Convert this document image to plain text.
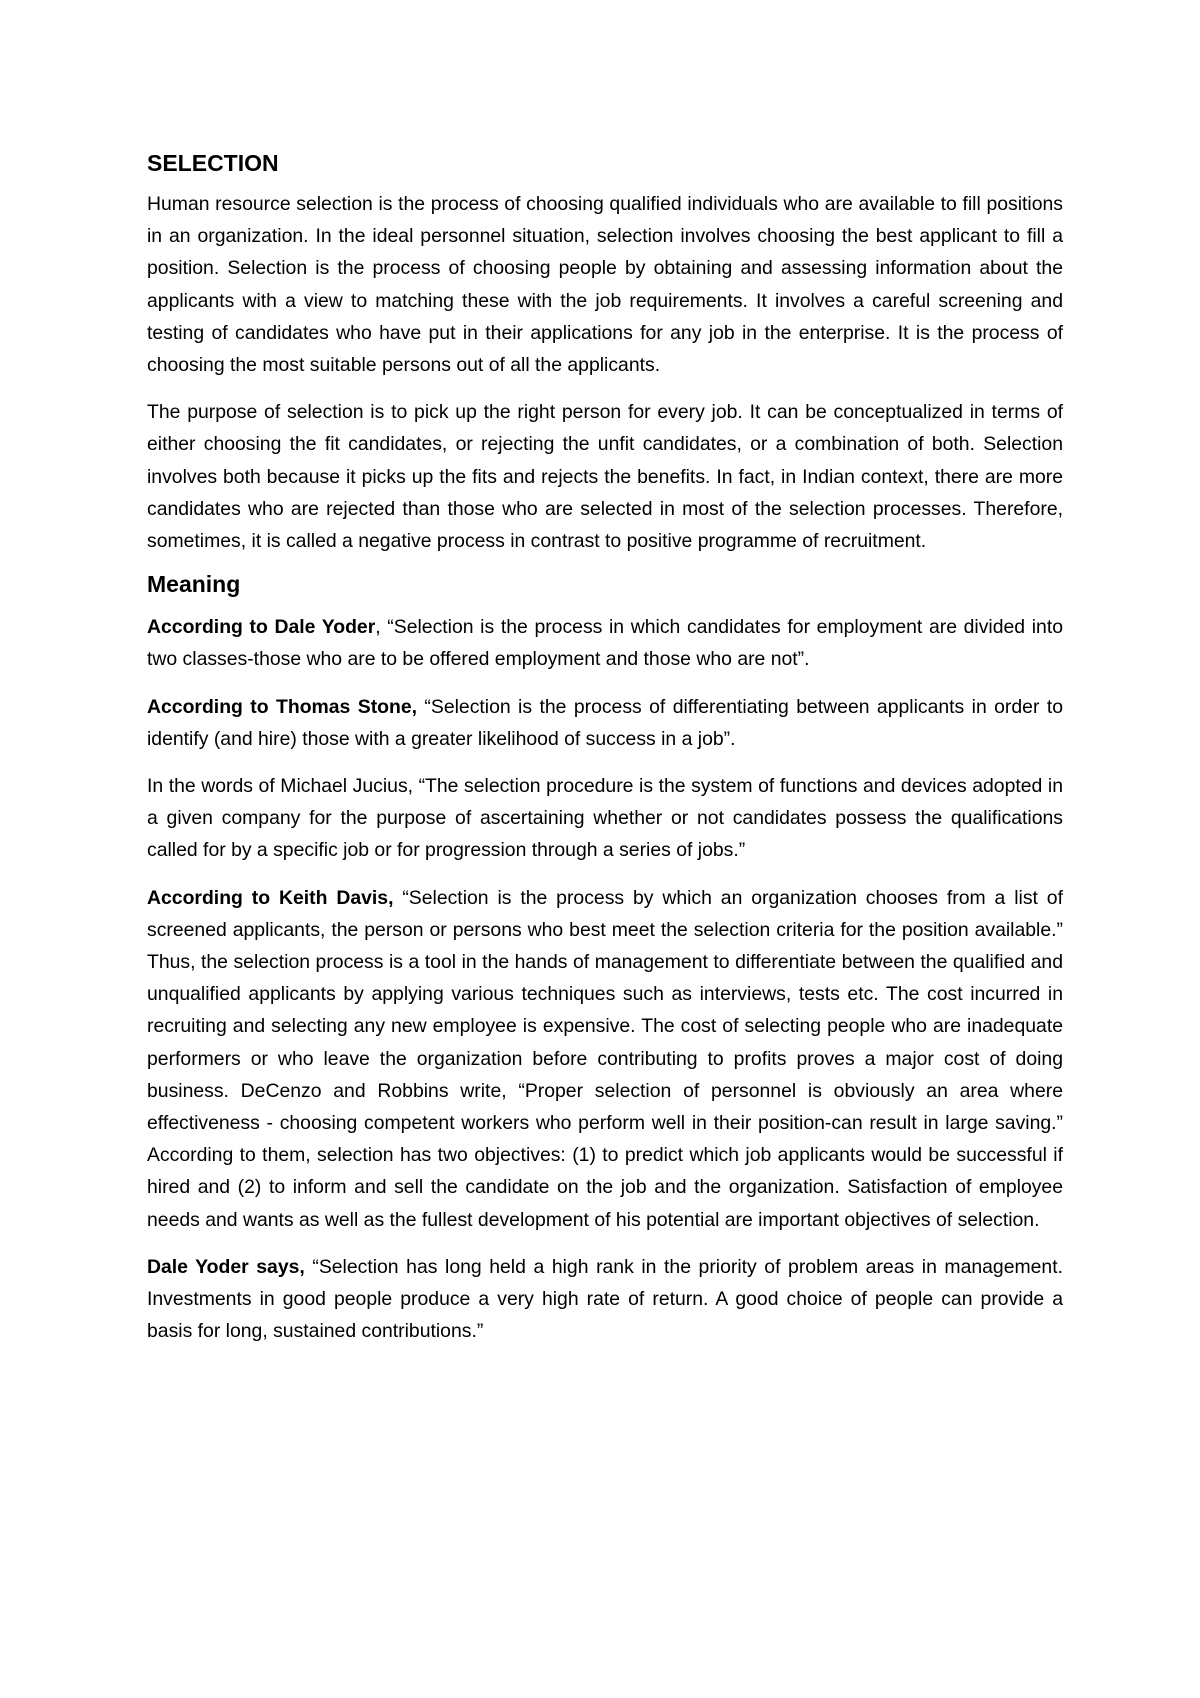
SELECTION

Human resource selection is the process of choosing qualified individuals who are available to fill positions in an organization. In the ideal personnel situation, selection involves choosing the best applicant to fill a position. Selection is the process of choosing people by obtaining and assessing information about the applicants with a view to matching these with the job requirements. It involves a careful screening and testing of candidates who have put in their applications for any job in the enterprise. It is the process of choosing the most suitable persons out of all the applicants.

The purpose of selection is to pick up the right person for every job. It can be conceptualized in terms of either choosing the fit candidates, or rejecting the unfit candidates, or a combination of both. Selection involves both because it picks up the fits and rejects the benefits. In fact, in Indian context, there are more candidates who are rejected than those who are selected in most of the selection processes. Therefore, sometimes, it is called a negative process in contrast to positive programme of recruitment.

Meaning

According to Dale Yoder, “Selection is the process in which candidates for employment are divided into two classes-those who are to be offered employment and those who are not”.

According to Thomas Stone, “Selection is the process of differentiating between applicants in order to identify (and hire) those with a greater likelihood of success in a job”.

In the words of Michael Jucius, “The selection procedure is the system of functions and devices adopted in a given company for the purpose of ascertaining whether or not candidates possess the qualifications called for by a specific job or for progression through a series of jobs.”

According to Keith Davis, “Selection is the process by which an organization chooses from a list of screened applicants, the person or persons who best meet the selection criteria for the position available.” Thus, the selection process is a tool in the hands of management to differentiate between the qualified and unqualified applicants by applying various techniques such as interviews, tests etc. The cost incurred in recruiting and selecting any new employee is expensive. The cost of selecting people who are inadequate performers or who leave the organization before contributing to profits proves a major cost of doing business. DeCenzo and Robbins write, “Proper selection of personnel is obviously an area where effectiveness - choosing competent workers who perform well in their position-can result in large saving.” According to them, selection has two objectives: (1) to predict which job applicants would be successful if hired and (2) to inform and sell the candidate on the job and the organization. Satisfaction of employee needs and wants as well as the fullest development of his potential are important objectives of selection.

Dale Yoder says, “Selection has long held a high rank in the priority of problem areas in management. Investments in good people produce a very high rate of return. A good choice of people can provide a basis for long, sustained contributions.”
